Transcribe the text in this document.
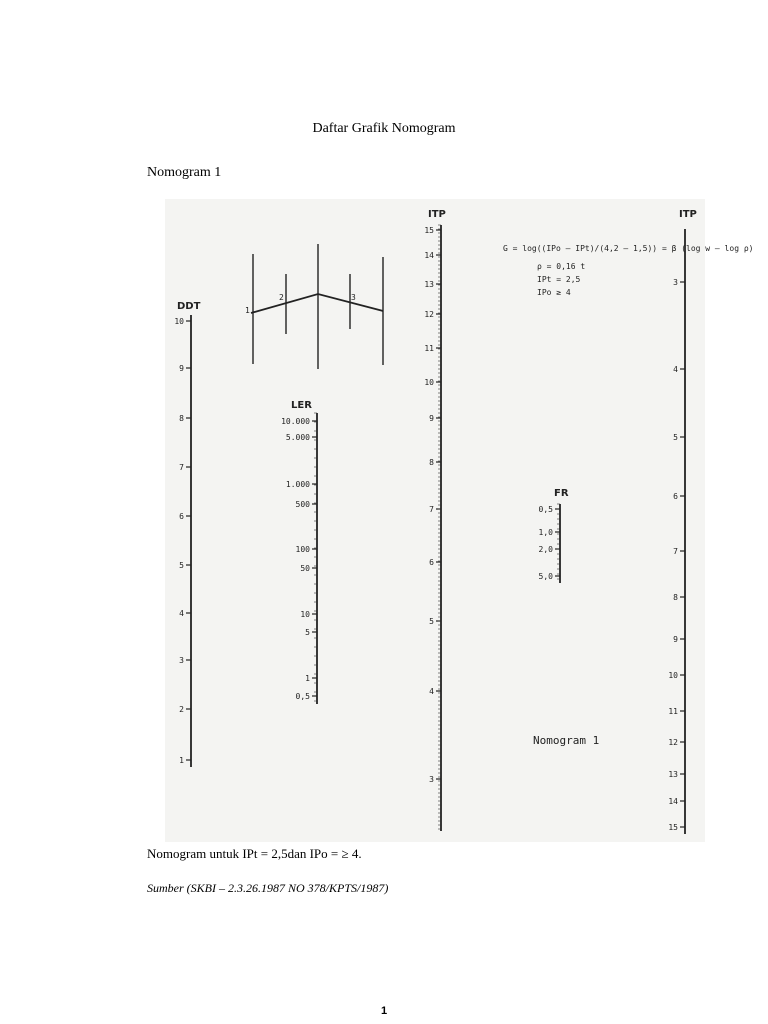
Daftar Grafik Nomogram
Nomogram 1
G = log((IPo – IPt)/(4,2 – 1,5)) = β (log w – log ρ)
ρ = 0,16 t
IPt = 2,5
IPo ≥ 4
1
2	3
Nomogram 1
DDT
10
9
8
7
6
5
4
3
2
1
LER
10.000
5.000
1.000
500
100
50
10
5
1
0,5
ITP
15
14
13
12
11
10
9
8
7
6
5
4
3
FR
0,5
1,0
2,0
5,0
ITP
3
4
5
6
7
8
9
10
11
12
13
14
15
Nomogram untuk IPt = 2,5dan IPo = ≥ 4.
Sumber (SKBI – 2.3.26.1987 NO 378/KPTS/1987)
1
